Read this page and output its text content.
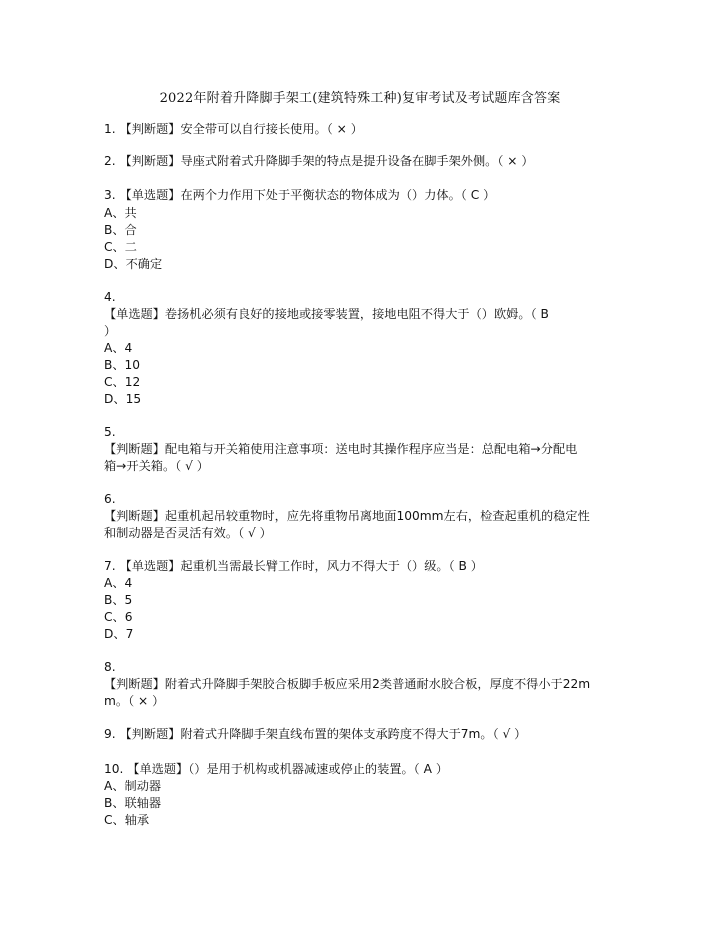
2022年附着升降脚手架工(建筑特殊工种)复审考试及考试题库含答案
1. 【判断题】安全带可以自行接长使用。（ × ）
2. 【判断题】导座式附着式升降脚手架的特点是提升设备在脚手架外侧。（ × ）
3. 【单选题】在两个力作用下处于平衡状态的物体成为（）力体。（ C ）
A、共
B、合
C、二
D、不确定
4.
【单选题】卷扬机必须有良好的接地或接零装置，接地电阻不得大于（）欧姆。（ B
）
A、4
B、10
C、12
D、15
5.
【判断题】配电箱与开关箱使用注意事项：送电时其操作程序应当是：总配电箱→分配电
箱→开关箱。（ √ ）
6.
【判断题】起重机起吊较重物时，应先将重物吊离地面100mm左右，检查起重机的稳定性
和制动器是否灵活有效。（ √ ）
7. 【单选题】起重机当需最长臂工作时，风力不得大于（）级。（ B ）
A、4
B、5
C、6
D、7
8.
【判断题】附着式升降脚手架胶合板脚手板应采用2类普通耐水胶合板，厚度不得小于22m
m。（ × ）
9. 【判断题】附着式升降脚手架直线布置的架体支承跨度不得大于7m。（ √ ）
10. 【单选题】（）是用于机构或机器减速或停止的装置。（ A ）
A、制动器
B、联轴器
C、轴承
